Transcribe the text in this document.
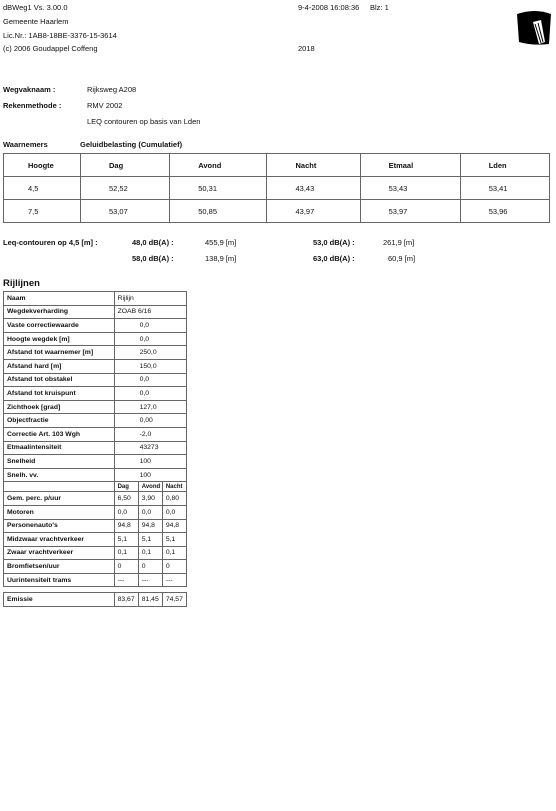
dBWeg1 Vs. 3.00.0
Gemeente Haarlem
Lic.Nr.: 1AB8-18BE-3376-15-3614
(c) 2006 Goudappel Coffeng
9-4-2008 16:08:36 Blz: 1
2018
Wegvaknaam :	Rijksweg A208
Rekenmethode :	RMV 2002
LEQ contouren op basis van Lden
Waarnemers	Geluidbelasting (Cumulatief)
Hoogte	Dag	Avond	Nacht	Etmaal	Lden
4,5	52,52	50,31	43,43	53,43	53,41
7,5	53,07	50,85	43,97	53,97	53,96
Leq-contouren op 4,5 [m] :	48,0 dB(A) :	455,9 [m]	53,0 dB(A) :	261,9 [m]
58,0 dB(A) :	138,9 [m]	63,0 dB(A) :	60,9 [m]
Rijlijnen
Naam	Rijlijn		
Wegdekverharding	ZOAB 6/16		
Vaste correctiewaarde	0,0		
Hoogte wegdek [m]	0,0		
Afstand tot waarnemer [m]	250,0		
Afstand hard [m]	150,0		
Afstand tot obstakel	0,0		
Afstand tot kruispunt	0,0		
Zichthoek [grad]	127,0		
Objectfractie	0,00		
Correctie Art. 103 Wgh	-2,0		
Etmaalintensiteit	43273		
Snelheid	100		
Snelh. vv.	100		
	Dag	Avond	Nacht
Gem. perc. p/uur	6,50	3,90	0,80
Motoren	0,0	0,0	0,0
Personenauto's	94,8	94,8	94,8
Midzwaar vrachtverkeer	5,1	5,1	5,1
Zwaar vrachtverkeer	0,1	0,1	0,1
Bromfietsen/uur	0	0	0
Uurintensiteit trams	---	---	---

Emissie	83,67	81,45	74,57
